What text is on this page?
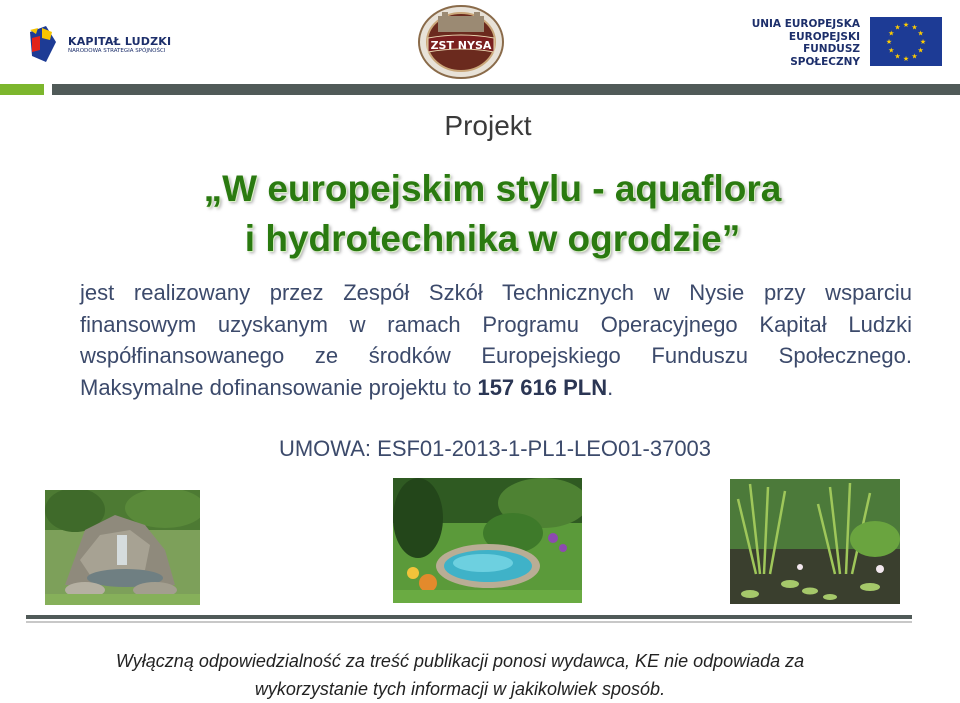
KAPITAŁ LUDZKI
NARODOWA STRATEGIA SPÓJNOŚCI	ZST NYSA
UNIA EUROPEJSKA
EUROPEJSKI
FUNDUSZ SPOŁECZNY
★ ★
★
★
★
★
★
★
★
★
★
★
Projekt
„W europejskim stylu - aquaflora
i hydrotechnika w ogrodzie”
jest realizowany przez Zespół Szkół Technicznych w Nysie przy wsparciu finansowym uzyskanym w ramach Programu Operacyjnego Kapitał Ludzki współfinansowanego ze środków Europejskiego Funduszu Społecznego. Maksymalne dofinansowanie projektu to 157 616 PLN.
UMOWA: ESF01-2013-1-PL1-LEO01-37003
Wyłączną odpowiedzialność za treść publikacji ponosi wydawca, KE nie odpowiada za
wykorzystanie tych informacji w jakikolwiek sposób.
